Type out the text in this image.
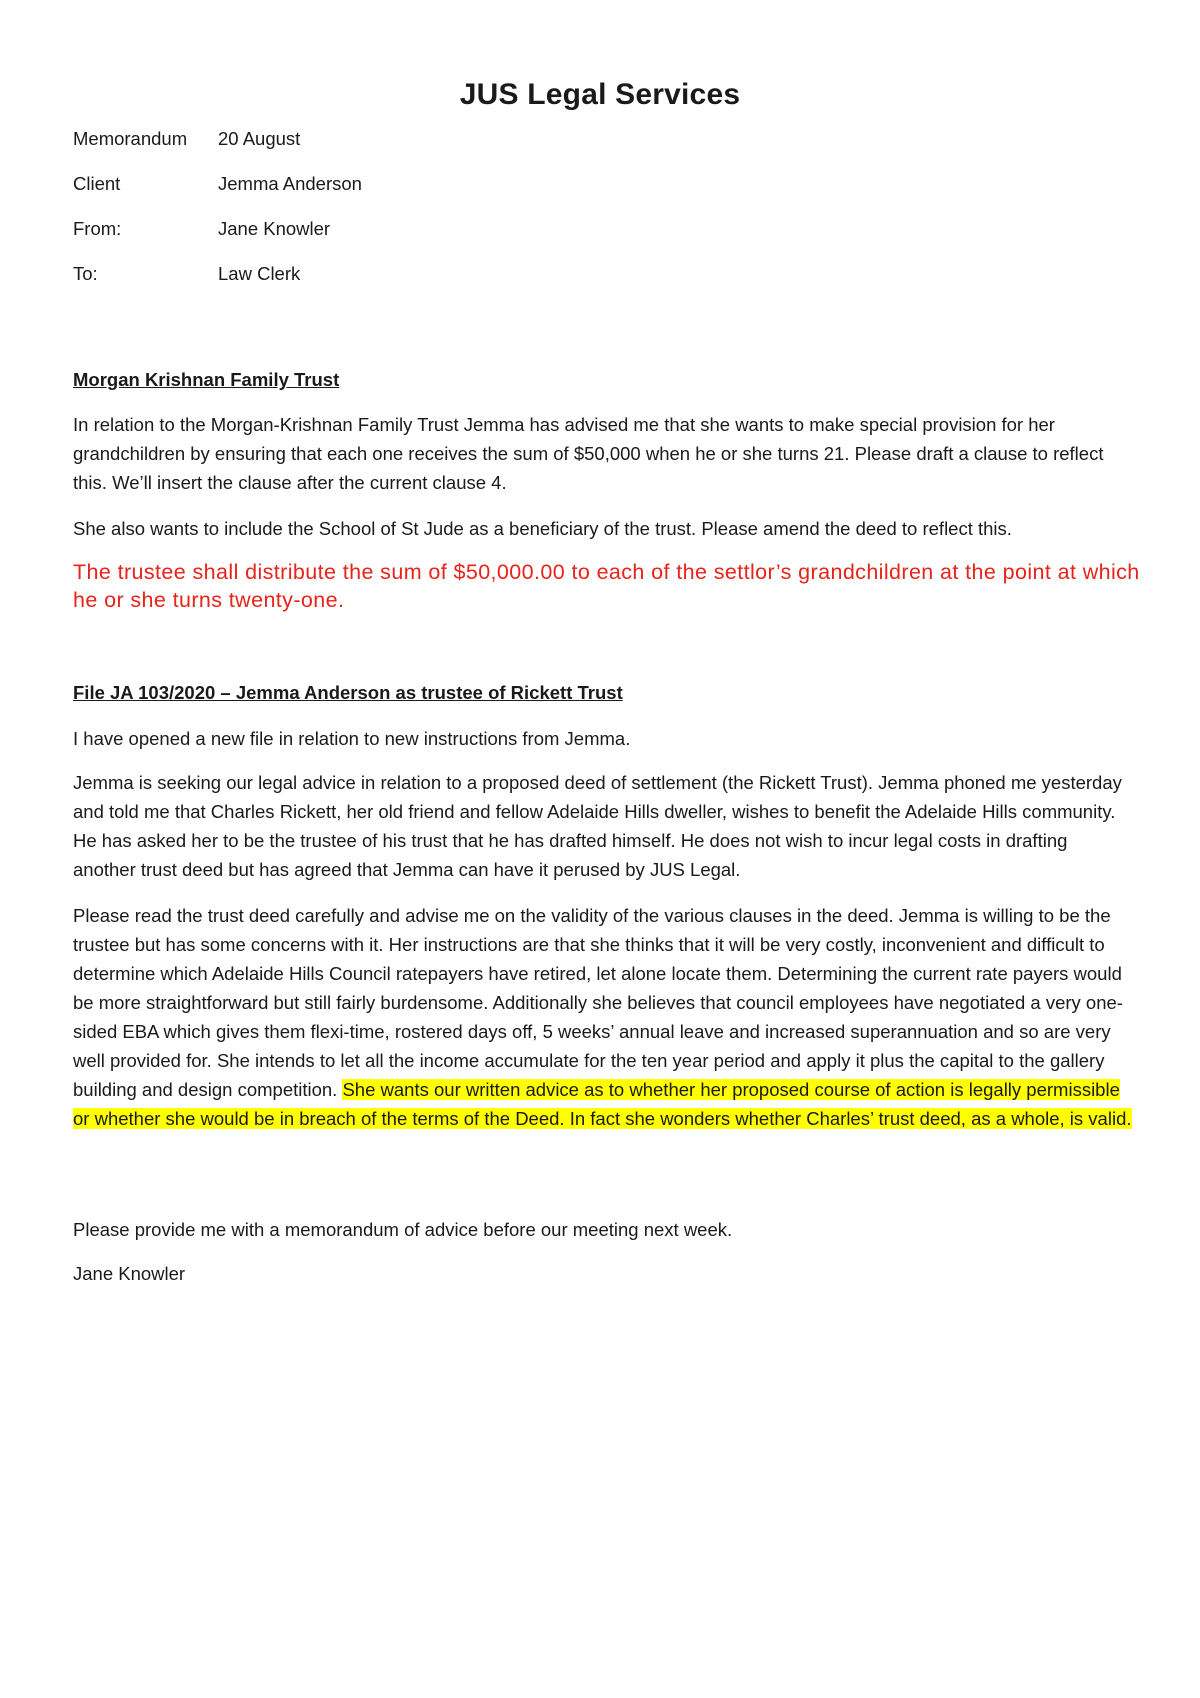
JUS Legal Services
Memorandum 20 August
Client	Jemma Anderson
From:	Jane Knowler
To:	Law Clerk
Morgan Krishnan Family Trust

In relation to the Morgan-Krishnan Family Trust Jemma has advised me that she wants to make special provision for her grandchildren by ensuring that each one receives the sum of $50,000 when he or she turns 21. Please draft a clause to reflect this. We’ll insert the clause after the current clause 4.

She also wants to include the School of St Jude as a beneficiary of the trust. Please amend the deed to reflect this.

The trustee shall distribute the sum of $50,000.00 to each of the settlor’s grandchildren at the point at which he or she turns twenty-one.

File JA 103/2020 – Jemma Anderson as trustee of Rickett Trust

I have opened a new file in relation to new instructions from Jemma.

Jemma is seeking our legal advice in relation to a proposed deed of settlement (the Rickett Trust). Jemma phoned me yesterday and told me that Charles Rickett, her old friend and fellow Adelaide Hills dweller, wishes to benefit the Adelaide Hills community. He has asked her to be the trustee of his trust that he has drafted himself. He does not wish to incur legal costs in drafting another trust deed but has agreed that Jemma can have it perused by JUS Legal.

Please read the trust deed carefully and advise me on the validity of the various clauses in the deed. Jemma is willing to be the trustee but has some concerns with it. Her instructions are that she thinks that it will be very costly, inconvenient and difficult to determine which Adelaide Hills Council ratepayers have retired, let alone locate them. Determining the current rate payers would be more straightforward but still fairly burdensome. Additionally she believes that council employees have negotiated a very one-sided EBA which gives them flexi-time, rostered days off, 5 weeks’ annual leave and increased superannuation and so are very well provided for. She intends to let all the income accumulate for the ten year period and apply it plus the capital to the gallery building and design competition. She wants our written advice as to whether her proposed course of action is legally permissible or whether she would be in breach of the terms of the Deed. In fact she wonders whether Charles’ trust deed, as a whole, is valid.

Please provide me with a memorandum of advice before our meeting next week.

Jane Knowler
